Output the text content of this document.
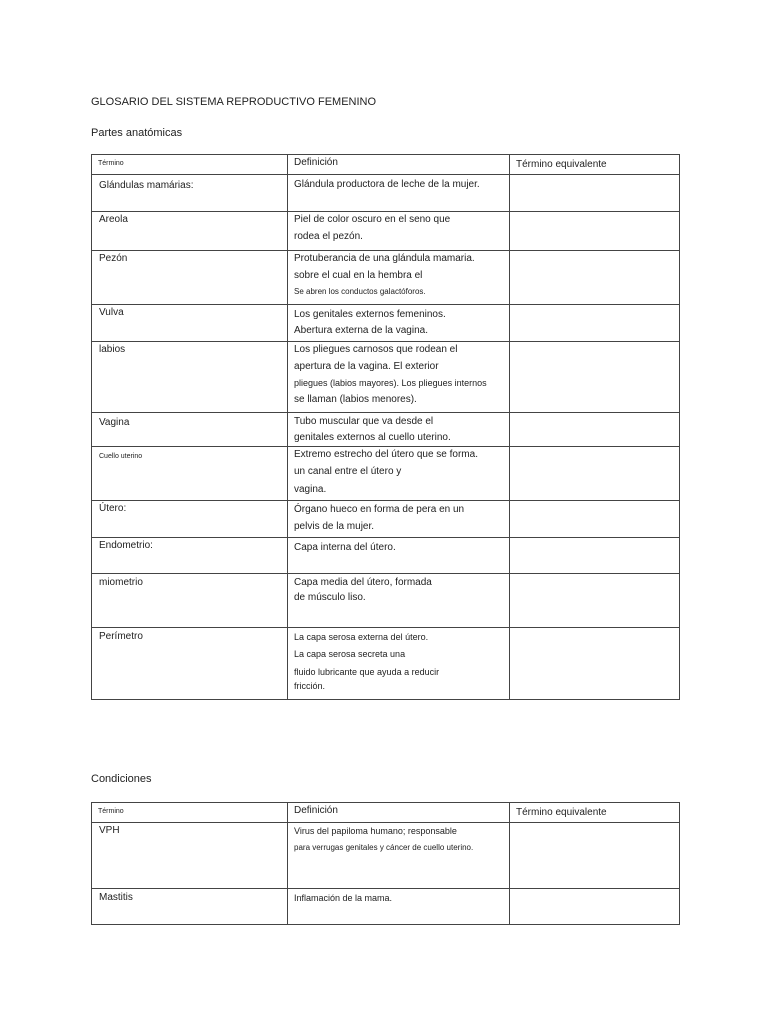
GLOSARIO DEL SISTEMA REPRODUCTIVO FEMENINO
Partes anatómicas
Término	Definición	Término equivalente

Glándulas mamárias:	Glándula productora de leche de la mujer.	

Areola	Piel de color oscuro en el seno que
rodea el pezón.	

Pezón	Protuberancia de una glándula mamaria.
sobre el cual en la hembra el
Se abren los conductos galactóforos.	

Vulva	Los genitales externos femeninos.
Abertura externa de la vagina.	

labios	Los pliegues carnosos que rodean el
apertura de la vagina. El exterior
pliegues (labios mayores). Los pliegues internos
se llaman (labios menores).	

Vagina	Tubo muscular que va desde el
genitales externos al cuello uterino.	

Cuello uterino	Extremo estrecho del útero que se forma.
un canal entre el útero y
vagina.	

Útero:	Órgano hueco en forma de pera en un
pelvis de la mujer.	

Endometrio:	Capa interna del útero.	

miometrio	Capa media del útero, formada
de músculo liso.	

Perímetro	La capa serosa externa del útero.
La capa serosa secreta una
fluido lubricante que ayuda a reducir
fricción.	

Condiciones
Término	Definición	Término equivalente

VPH	Virus del papiloma humano; responsable
para verrugas genitales y cáncer de cuello uterino.	

Mastitis	Inflamación de la mama.	
